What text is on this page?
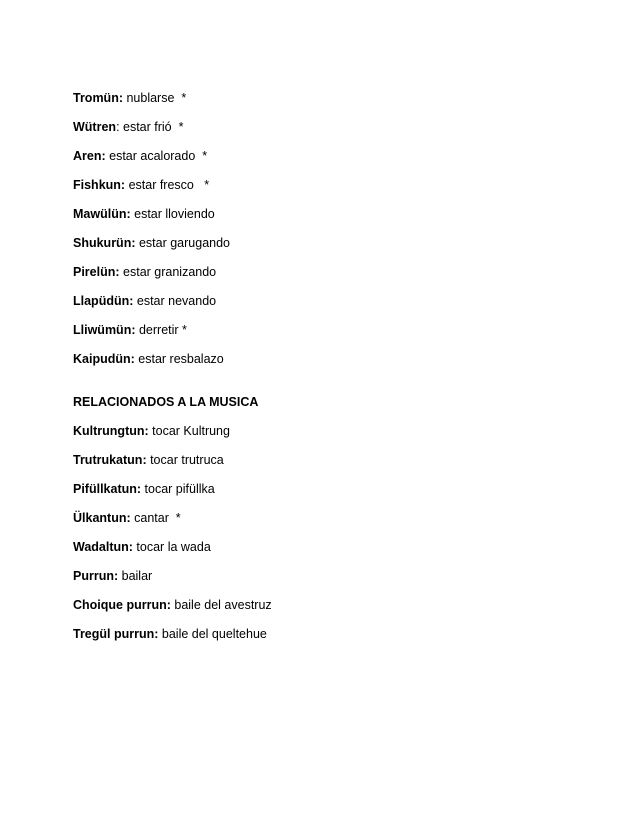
Tromün: nublarse  *
Wütren: estar frió  *
Aren: estar acalorado  *
Fishkun: estar fresco   *
Mawülün: estar lloviendo
Shukurün: estar garugando
Pirelün: estar granizando
Llapüdün: estar nevando
Lliwümün: derretir *
Kaipudün: estar resbalazo
RELACIONADOS A LA MUSICA
Kultrungtun: tocar Kultrung
Trutrukatun: tocar trutruca
Pifüllkatun: tocar pifüllka
Ülkantun: cantar  *
Wadaltun: tocar la wada
Purrun: bailar
Choique purrun: baile del avestruz
Tregül purrun: baile del queltehue
